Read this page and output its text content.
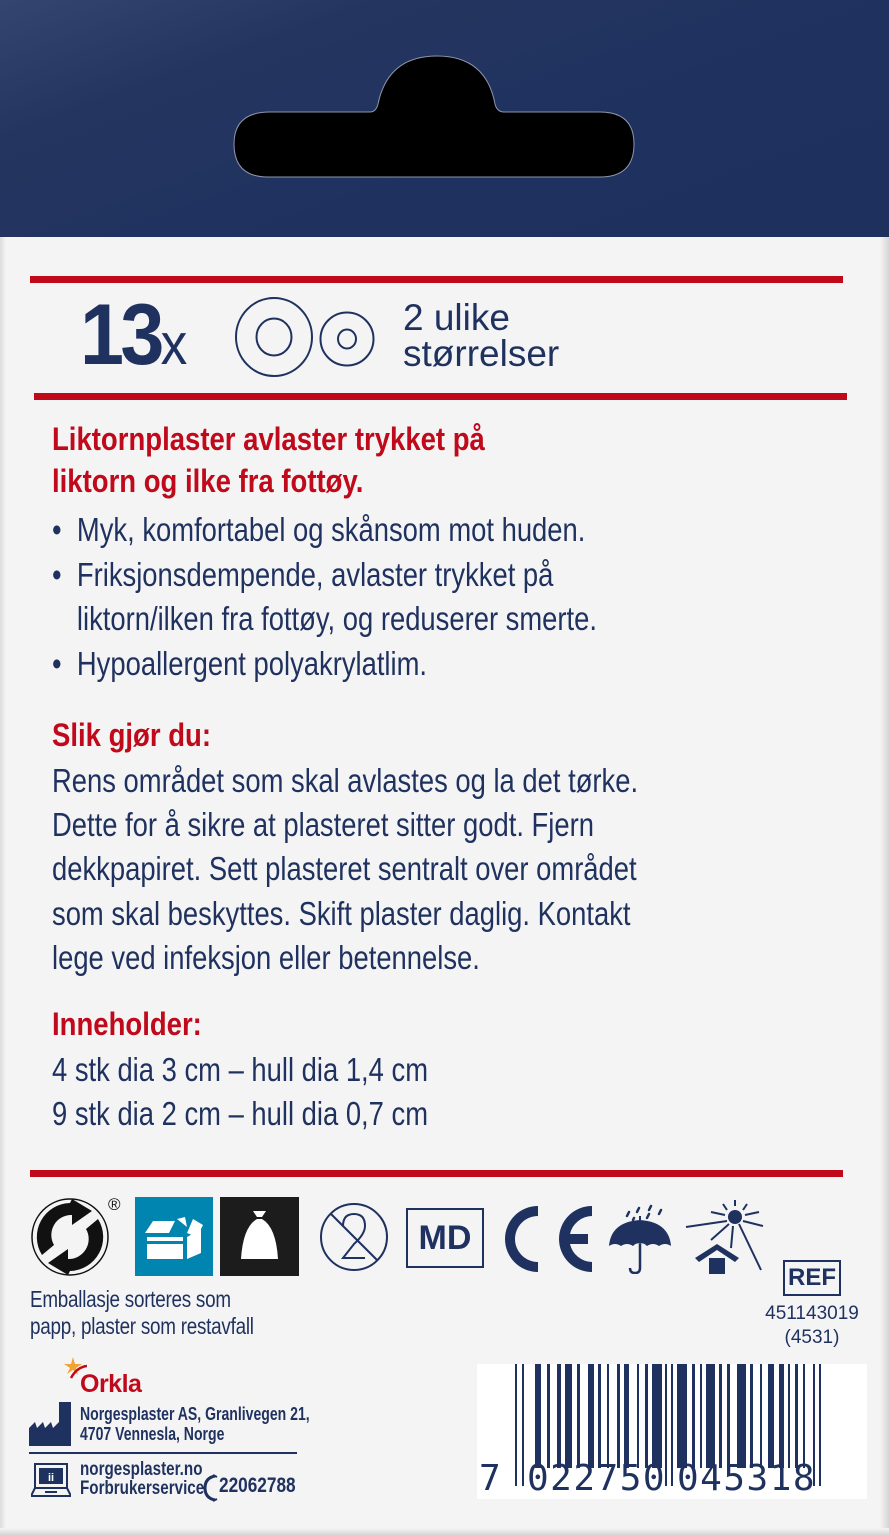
13x	2 ulike
størrelser
Liktornplaster avlaster trykket på
liktorn og ilke fra fottøy.
• Myk, komfortabel og skånsom mot huden.
• Friksjonsdempende, avlaster trykket på
liktorn/ilken fra fottøy, og reduserer smerte.
• Hypoallergent polyakrylatlim.
Slik gjør du:
Rens området som skal avlastes og la det tørke.
Dette for å sikre at plasteret sitter godt. Fjern
dekkpapiret. Sett plasteret sentralt over området
som skal beskyttes. Skift plaster daglig. Kontakt
lege ved infeksjon eller betennelse.
Inneholder:
4 stk dia 3 cm – hull dia 1,4 cm
9 stk dia 2 cm – hull dia 0,7 cm
®
MD
Emballasje sorteres som
papp, plaster som restavfall
REF
451143019
(4531)
Orkla
Norgesplaster AS, Granlivegen 21,
4707 Vennesla, Norge
ii norgesplaster.no
Forbrukerservice 22062788	7 022750 045318
